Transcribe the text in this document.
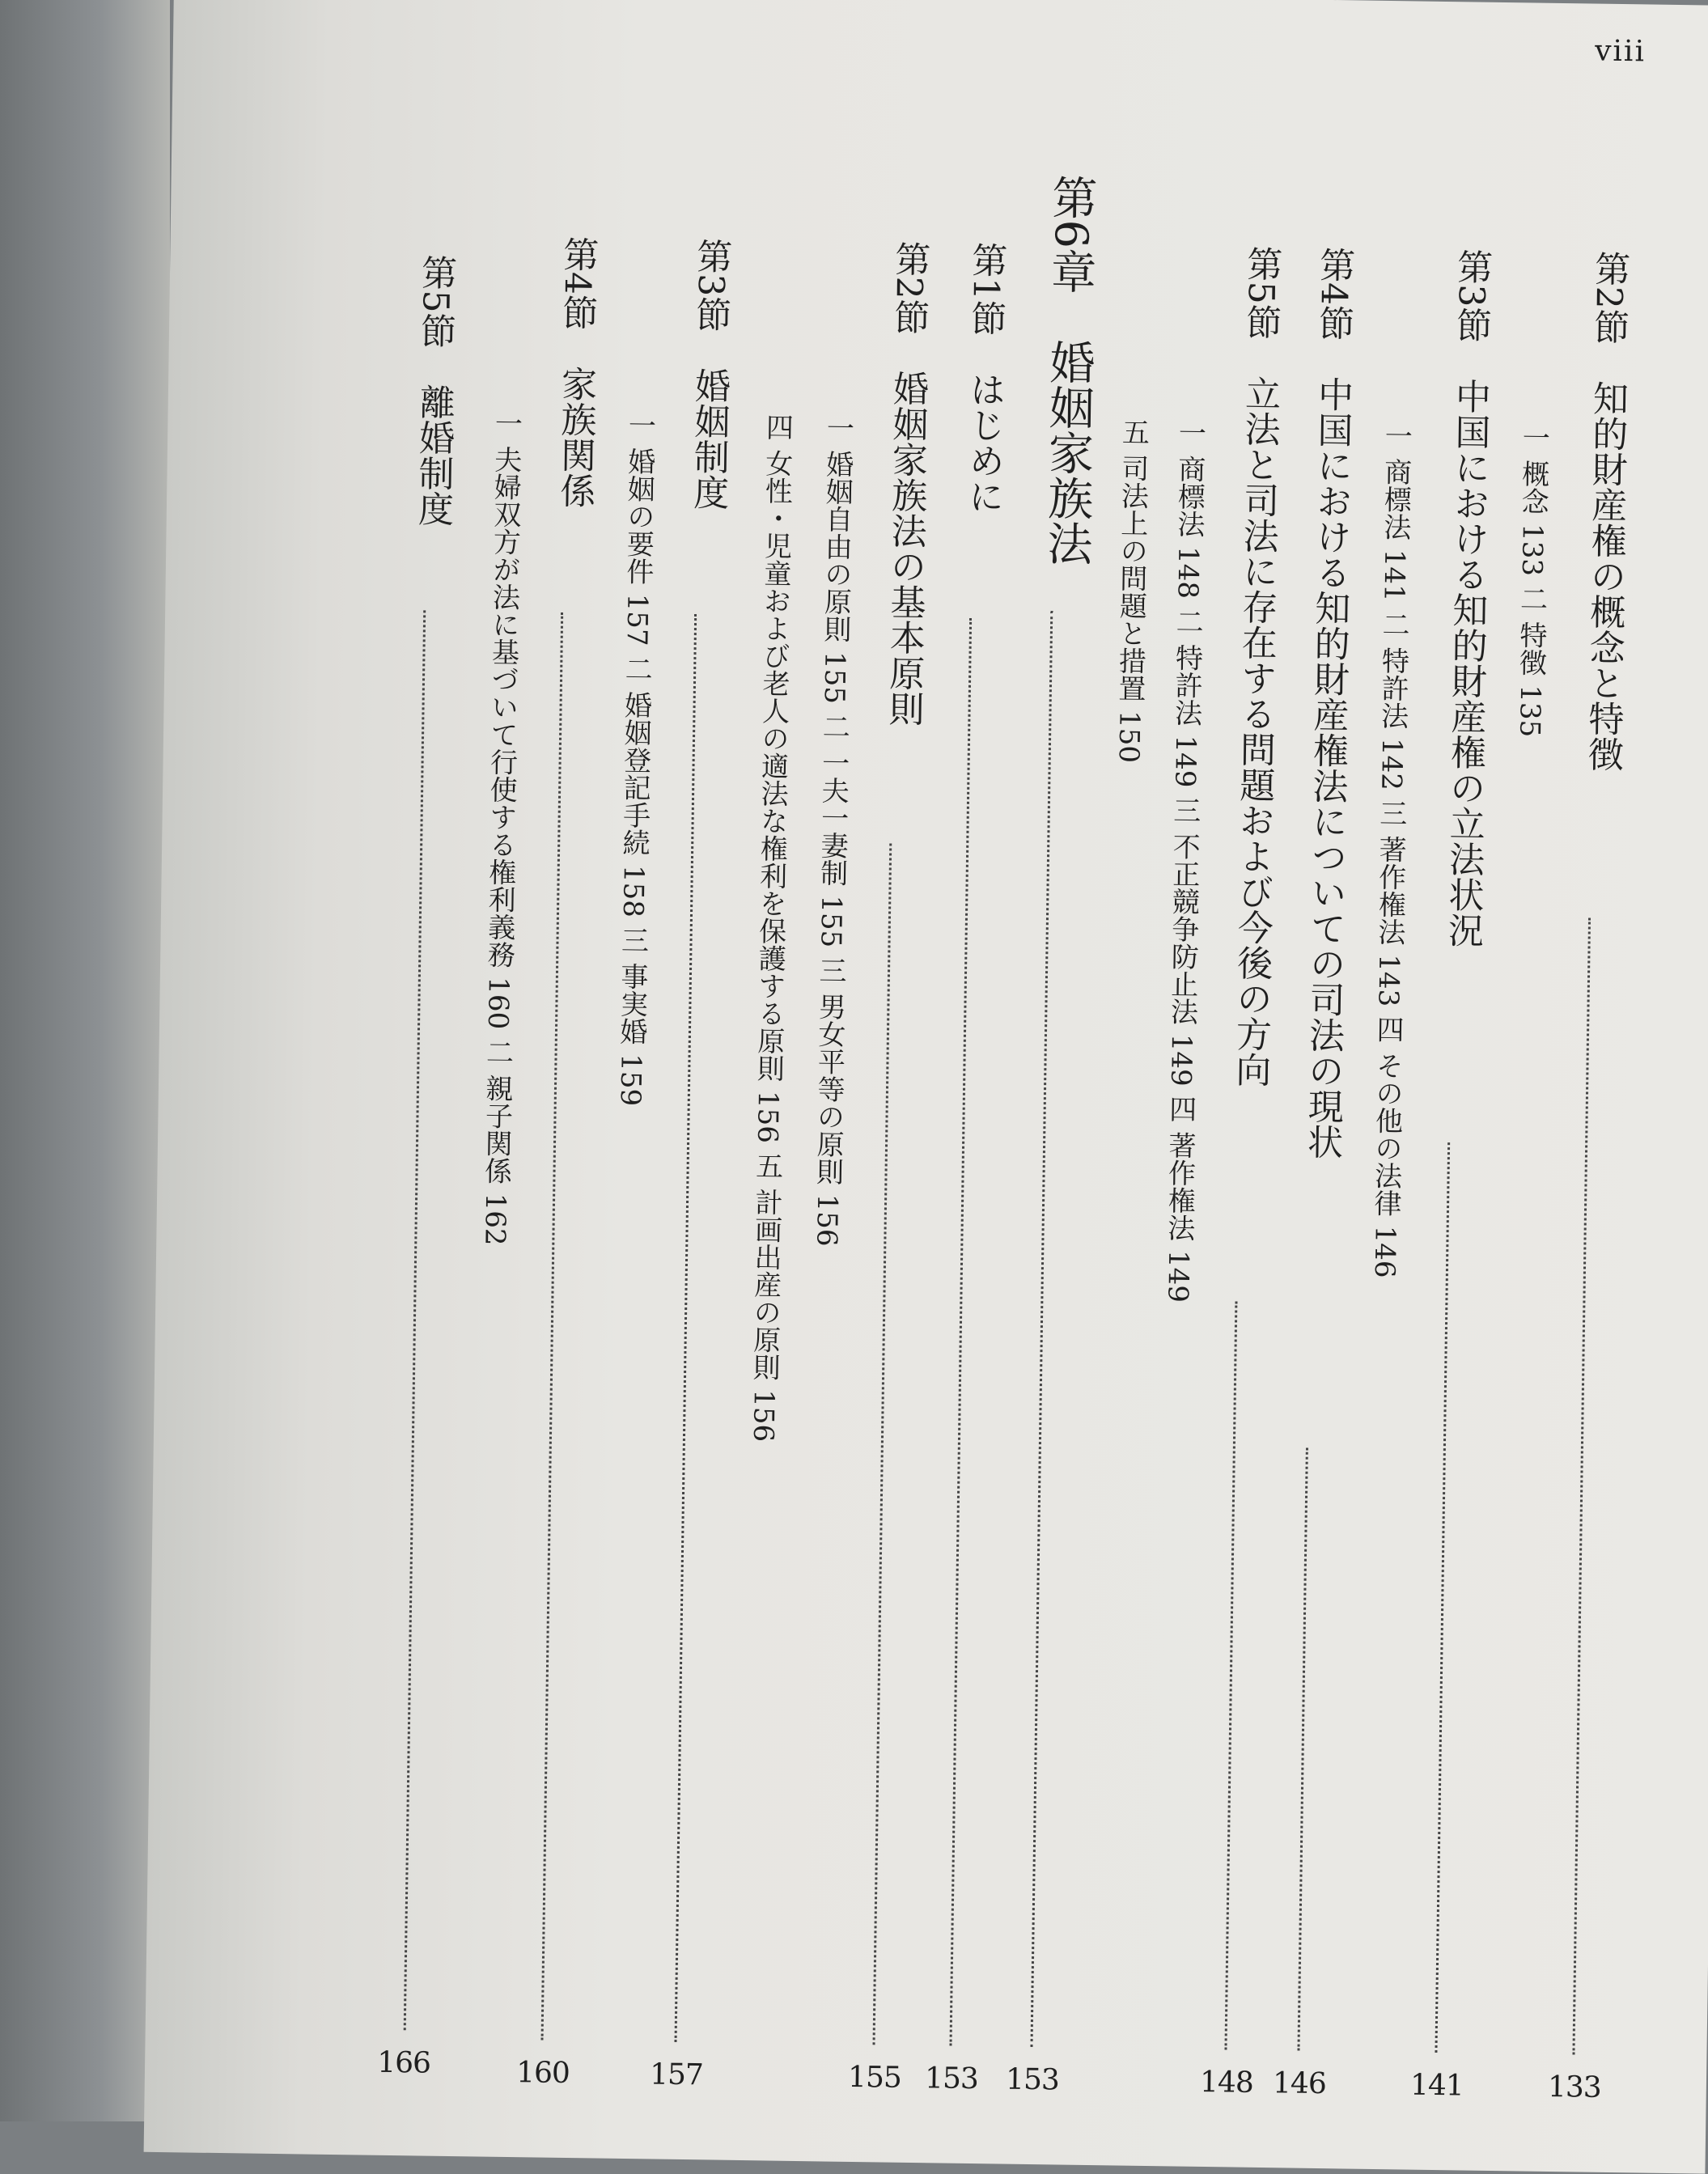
viii
第2節　知的財産権の概念と特徴
133
一 概念 133 二 特徴 135
第3節　中国における知的財産権の立法状況
141
一 商標法 141 二 特許法 142 三 著作権法 143 四 その他の法律 146
第4節　中国における知的財産権法についての司法の現状
146
第5節　立法と司法に存在する問題および今後の方向
148
一 商標法 148 二 特許法 149 三 不正競争防止法 149 四 著作権法 149
五 司法上の問題と措置 150
第6章　婚姻家族法
153
第1節　はじめに
153
第2節　婚姻家族法の基本原則
155
一 婚姻自由の原則 155 二 一夫一妻制 155 三 男女平等の原則 156
四 女性・児童および老人の適法な権利を保護する原則 156 五 計画出産の原則 156
第3節　婚姻制度
157
一 婚姻の要件 157 二 婚姻登記手続 158 三 事実婚 159
第4節　家族関係
160
一 夫婦双方が法に基づいて行使する権利義務 160 二 親子関係 162
第5節　離婚制度
166
